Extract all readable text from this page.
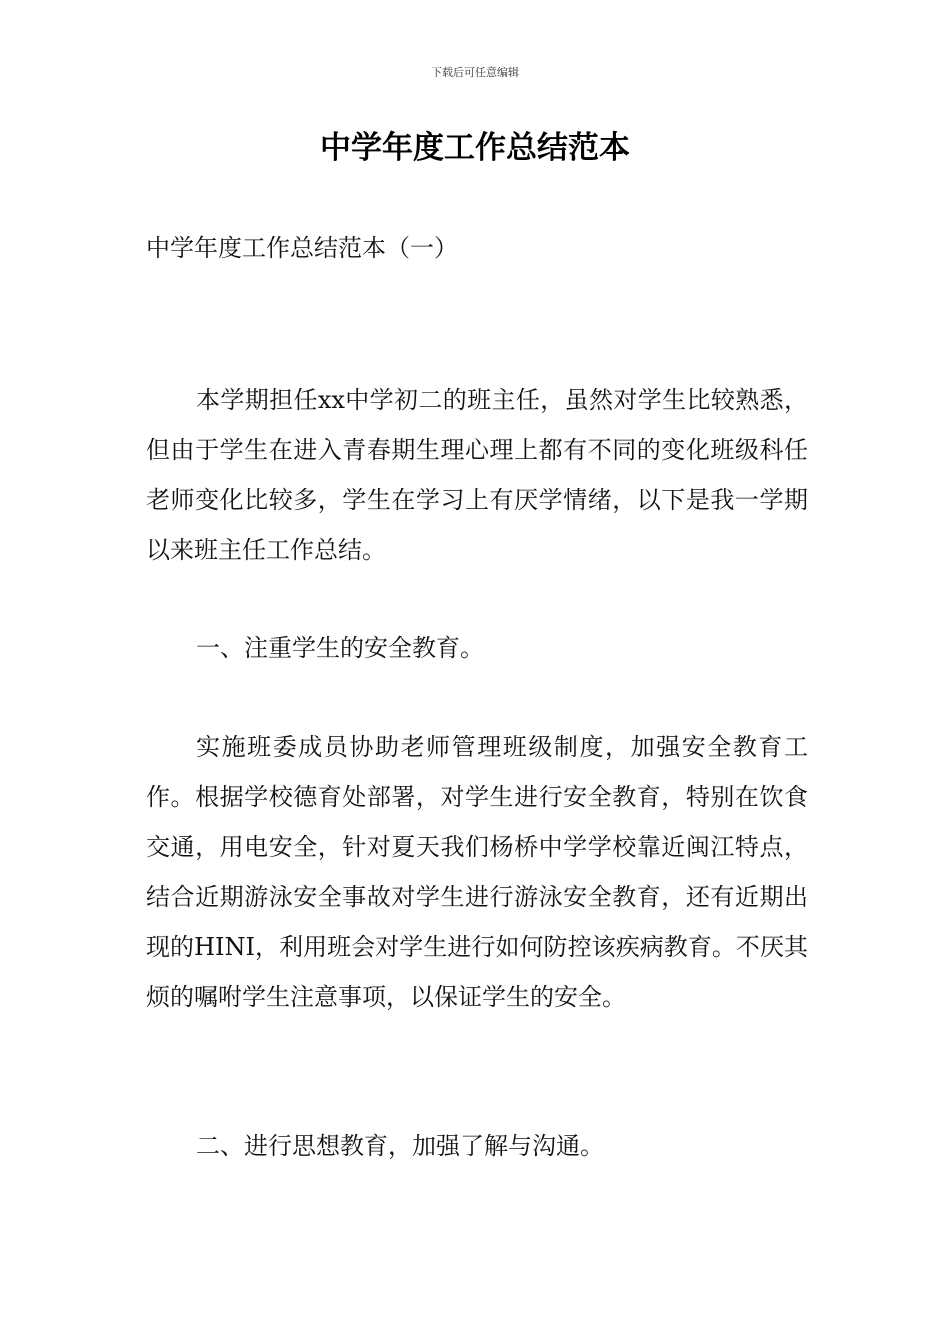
下载后可任意编辑
中学年度工作总结范本
中学年度工作总结范本（一）

本学期担任xx中学初二的班主任，虽然对学生比较熟悉，但由于学生在进入青春期生理心理上都有不同的变化班级科任老师变化比较多，学生在学习上有厌学情绪，以下是我一学期以来班主任工作总结。

一、注重学生的安全教育。

实施班委成员协助老师管理班级制度，加强安全教育工作。根据学校德育处部署，对学生进行安全教育，特别在饮食交通，用电安全，针对夏天我们杨桥中学学校靠近闽江特点，结合近期游泳安全事故对学生进行游泳安全教育，还有近期出现的HINI，利用班会对学生进行如何防控该疾病教育。不厌其烦的嘱咐学生注意事项，以保证学生的安全。

二、进行思想教育，加强了解与沟通。
